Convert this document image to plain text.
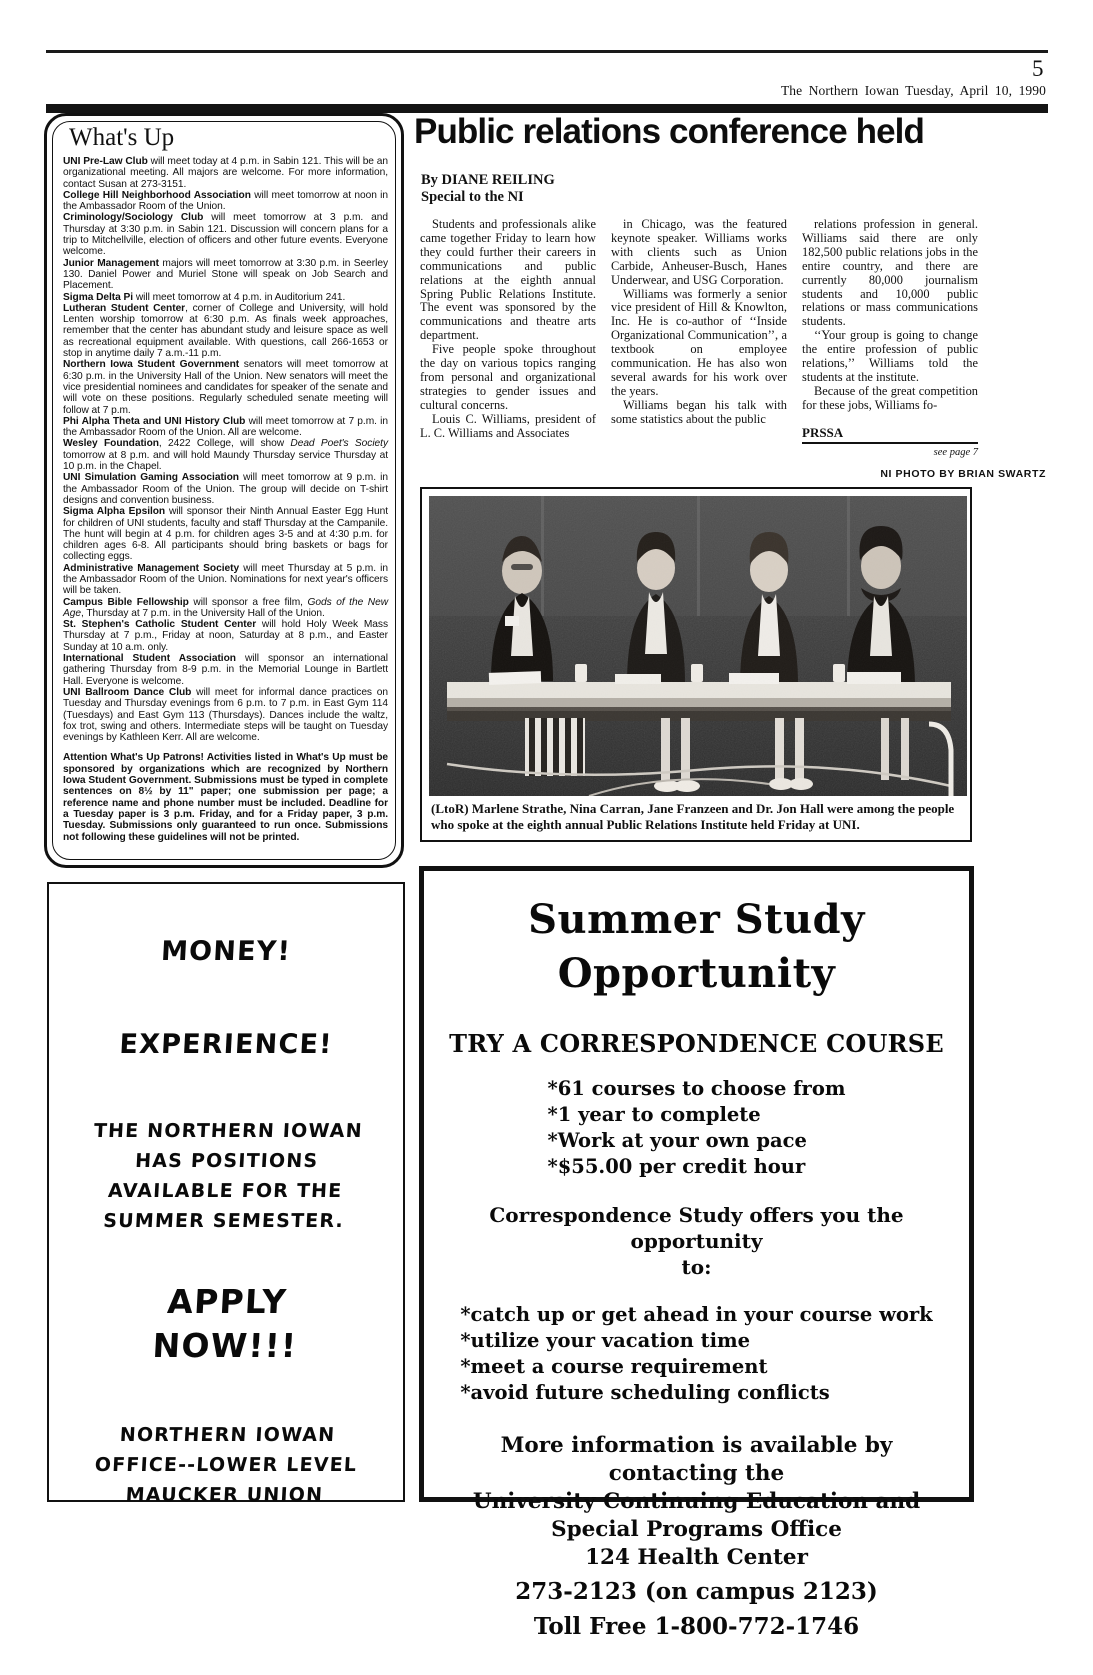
5
The Northern Iowan Tuesday, April 10, 1990
What's Up

UNI Pre-Law Club will meet today at 4 p.m. in Sabin 121. This will be an organizational meeting. All majors are welcome. For more information, contact Susan at 273-3151.

College Hill Neighborhood Association will meet tomorrow at noon in the Ambassador Room of the Union.

Criminology/Sociology Club will meet tomorrow at 3 p.m. and Thursday at 3:30 p.m. in Sabin 121. Discussion will concern plans for a trip to Mitchellville, election of officers and other future events. Everyone welcome.

Junior Management majors will meet tomorrow at 3:30 p.m. in Seerley 130. Daniel Power and Muriel Stone will speak on Job Search and Placement.

Sigma Delta Pi will meet tomorrow at 4 p.m. in Auditorium 241.

Lutheran Student Center, corner of College and University, will hold Lenten worship tomorrow at 6:30 p.m. As finals week approaches, remember that the center has abundant study and leisure space as well as recreational equipment available. With questions, call 266-1653 or stop in anytime daily 7 a.m.-11 p.m.

Northern Iowa Student Government senators will meet tomorrow at 6:30 p.m. in the University Hall of the Union. New senators will meet the vice presidential nominees and candidates for speaker of the senate and will vote on these positions. Regularly scheduled senate meeting will follow at 7 p.m.

Phi Alpha Theta and UNI History Club will meet tomorrow at 7 p.m. in the Ambassador Room of the Union. All are welcome.

Wesley Foundation, 2422 College, will show Dead Poet's Society tomorrow at 8 p.m. and will hold Maundy Thursday service Thursday at 10 p.m. in the Chapel.

UNI Simulation Gaming Association will meet tomorrow at 9 p.m. in the Ambassador Room of the Union. The group will decide on T-shirt designs and convention business.

Sigma Alpha Epsilon will sponsor their Ninth Annual Easter Egg Hunt for children of UNI students, faculty and staff Thursday at the Campanile. The hunt will begin at 4 p.m. for children ages 3-5 and at 4:30 p.m. for children ages 6-8. All participants should bring baskets or bags for collecting eggs.

Administrative Management Society will meet Thursday at 5 p.m. in the Ambassador Room of the Union. Nominations for next year's officers will be taken.

Campus Bible Fellowship will sponsor a free film, Gods of the New Age, Thursday at 7 p.m. in the University Hall of the Union.

St. Stephen's Catholic Student Center will hold Holy Week Mass Thursday at 7 p.m., Friday at noon, Saturday at 8 p.m., and Easter Sunday at 10 a.m. only.

International Student Association will sponsor an international gathering Thursday from 8-9 p.m. in the Memorial Lounge in Bartlett Hall. Everyone is welcome.

UNI Ballroom Dance Club will meet for informal dance practices on Tuesday and Thursday evenings from 6 p.m. to 7 p.m. in East Gym 114 (Tuesdays) and East Gym 113 (Thursdays). Dances include the waltz, fox trot, swing and others. Intermediate steps will be taught on Tuesday evenings by Kathleen Kerr. All are welcome.

Attention What's Up Patrons! Activities listed in What's Up must be sponsored by organizations which are recognized by Northern Iowa Student Government. Submissions must be typed in complete sentences on 8½ by 11" paper; one submission per page; a reference name and phone number must be included. Deadline for a Tuesday paper is 3 p.m. Friday, and for a Friday paper, 3 p.m. Tuesday. Submissions only guaranteed to run once. Submissions not following these guidelines will not be printed.

Public relations conference held
By DIANE REILING
Special to the NI

Students and professionals alike came together Friday to learn how they could further their careers in communications and public relations at the eighth annual Spring Public Relations Institute. The event was sponsored by the communications and theatre arts department.

Five people spoke throughout the day on various topics ranging from personal and organizational strategies to gender issues and cultural concerns.

Louis C. Williams, president of L. C. Williams and Associates

in Chicago, was the featured keynote speaker. Williams works with clients such as Union Carbide, Anheuser-Busch, Hanes Underwear, and USG Corporation.

Williams was formerly a senior vice president of Hill & Knowlton, Inc. He is co-author of ‘‘Inside Organizational Communication’’, a textbook on employee communication. He has also won several awards for his work over the years.

Williams began his talk with some statistics about the public

relations profession in general. Williams said there are only 182,500 public relations jobs in the entire country, and there are currently 80,000 journalism students and 10,000 public relations or mass communications students.

‘‘Your group is going to change the entire profession of public relations,’’ Williams told the students at the institute.

Because of the great competition for these jobs, Williams fo-

PRSSA
see page 7
NI PHOTO BY BRIAN SWARTZ
(LtoR) Marlene Strathe, Nina Carran, Jane Franzeen and Dr. Jon Hall were among the people who spoke at the eighth annual Public Relations Institute held Friday at UNI.
MONEY!
EXPERIENCE!
THE NORTHERN IOWAN
HAS POSITIONS
AVAILABLE FOR THE
SUMMER SEMESTER.
APPLY
NOW!!!
NORTHERN IOWAN
OFFICE--LOWER LEVEL
MAUCKER UNION
Summer Study
Opportunity
TRY A CORRESPONDENCE COURSE
*61 courses to choose from
*1 year to complete
*Work at your own pace
*$55.00 per credit hour
Correspondence Study offers you the opportunity
to:
*catch up or get ahead in your course work
*utilize your vacation time
*meet a course requirement
*avoid future scheduling conflicts
More information is available by contacting the
University Continuing Education and
Special Programs Office
124 Health Center
273-2123 (on campus 2123)
Toll Free 1-800-772-1746
